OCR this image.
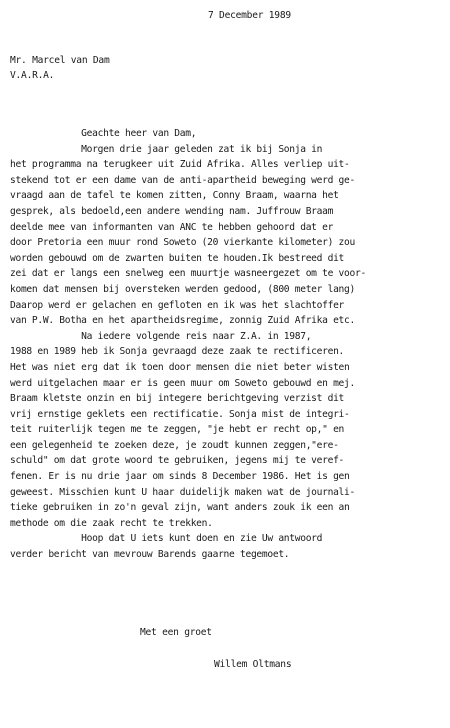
7 December 1989
Mr. Marcel van Dam
V.A.R.A.
Geachte heer van Dam,
Morgen drie jaar geleden zat ik bij Sonja in
het programma na terugkeer uit Zuid Afrika. Alles verliep uit-
stekend tot er een dame van de anti-apartheid beweging werd ge-
vraagd aan de tafel te komen zitten, Conny Braam, waarna het
gesprek, als bedoeld,een andere wending nam. Juffrouw Braam
deelde mee van informanten van ANC te hebben gehoord dat er
door Pretoria een muur rond Soweto (20 vierkante kilometer) zou
worden gebouwd om de zwarten buiten te houden.Ik bestreed dit
zei dat er langs een snelweg een muurtje wasneergezet om te voor-
komen dat mensen bij oversteken werden gedood, (800 meter lang)
Daarop werd er gelachen en gefloten en ik was het slachtoffer
van P.W. Botha en het apartheidsregime, zonnig Zuid Afrika etc.
Na iedere volgende reis naar Z.A. in 1987,
1988 en 1989 heb ik Sonja gevraagd deze zaak te rectificeren.
Het was niet erg dat ik toen door mensen die niet beter wisten
werd uitgelachen maar er is geen muur om Soweto gebouwd en mej.
Braam kletste onzin en bij integere berichtgeving verzist dit
vrij ernstige geklets een rectificatie. Sonja mist de integri-
teit ruiterlijk tegen me te zeggen, "je hebt er recht op," en
een gelegenheid te zoeken deze, je zoudt kunnen zeggen,"ere-
schuld" om dat grote woord te gebruiken, jegens mij te veref-
fenen. Er is nu drie jaar om sinds 8 December 1986. Het is gen
geweest. Misschien kunt U haar duidelijk maken wat de journali-
tieke gebruiken in zo'n geval zijn, want anders zouk ik een an
methode om die zaak recht te trekken.
Hoop dat U iets kunt doen en zie Uw antwoord
verder bericht van mevrouw Barends gaarne tegemoet.
Met een groet
Willem Oltmans
